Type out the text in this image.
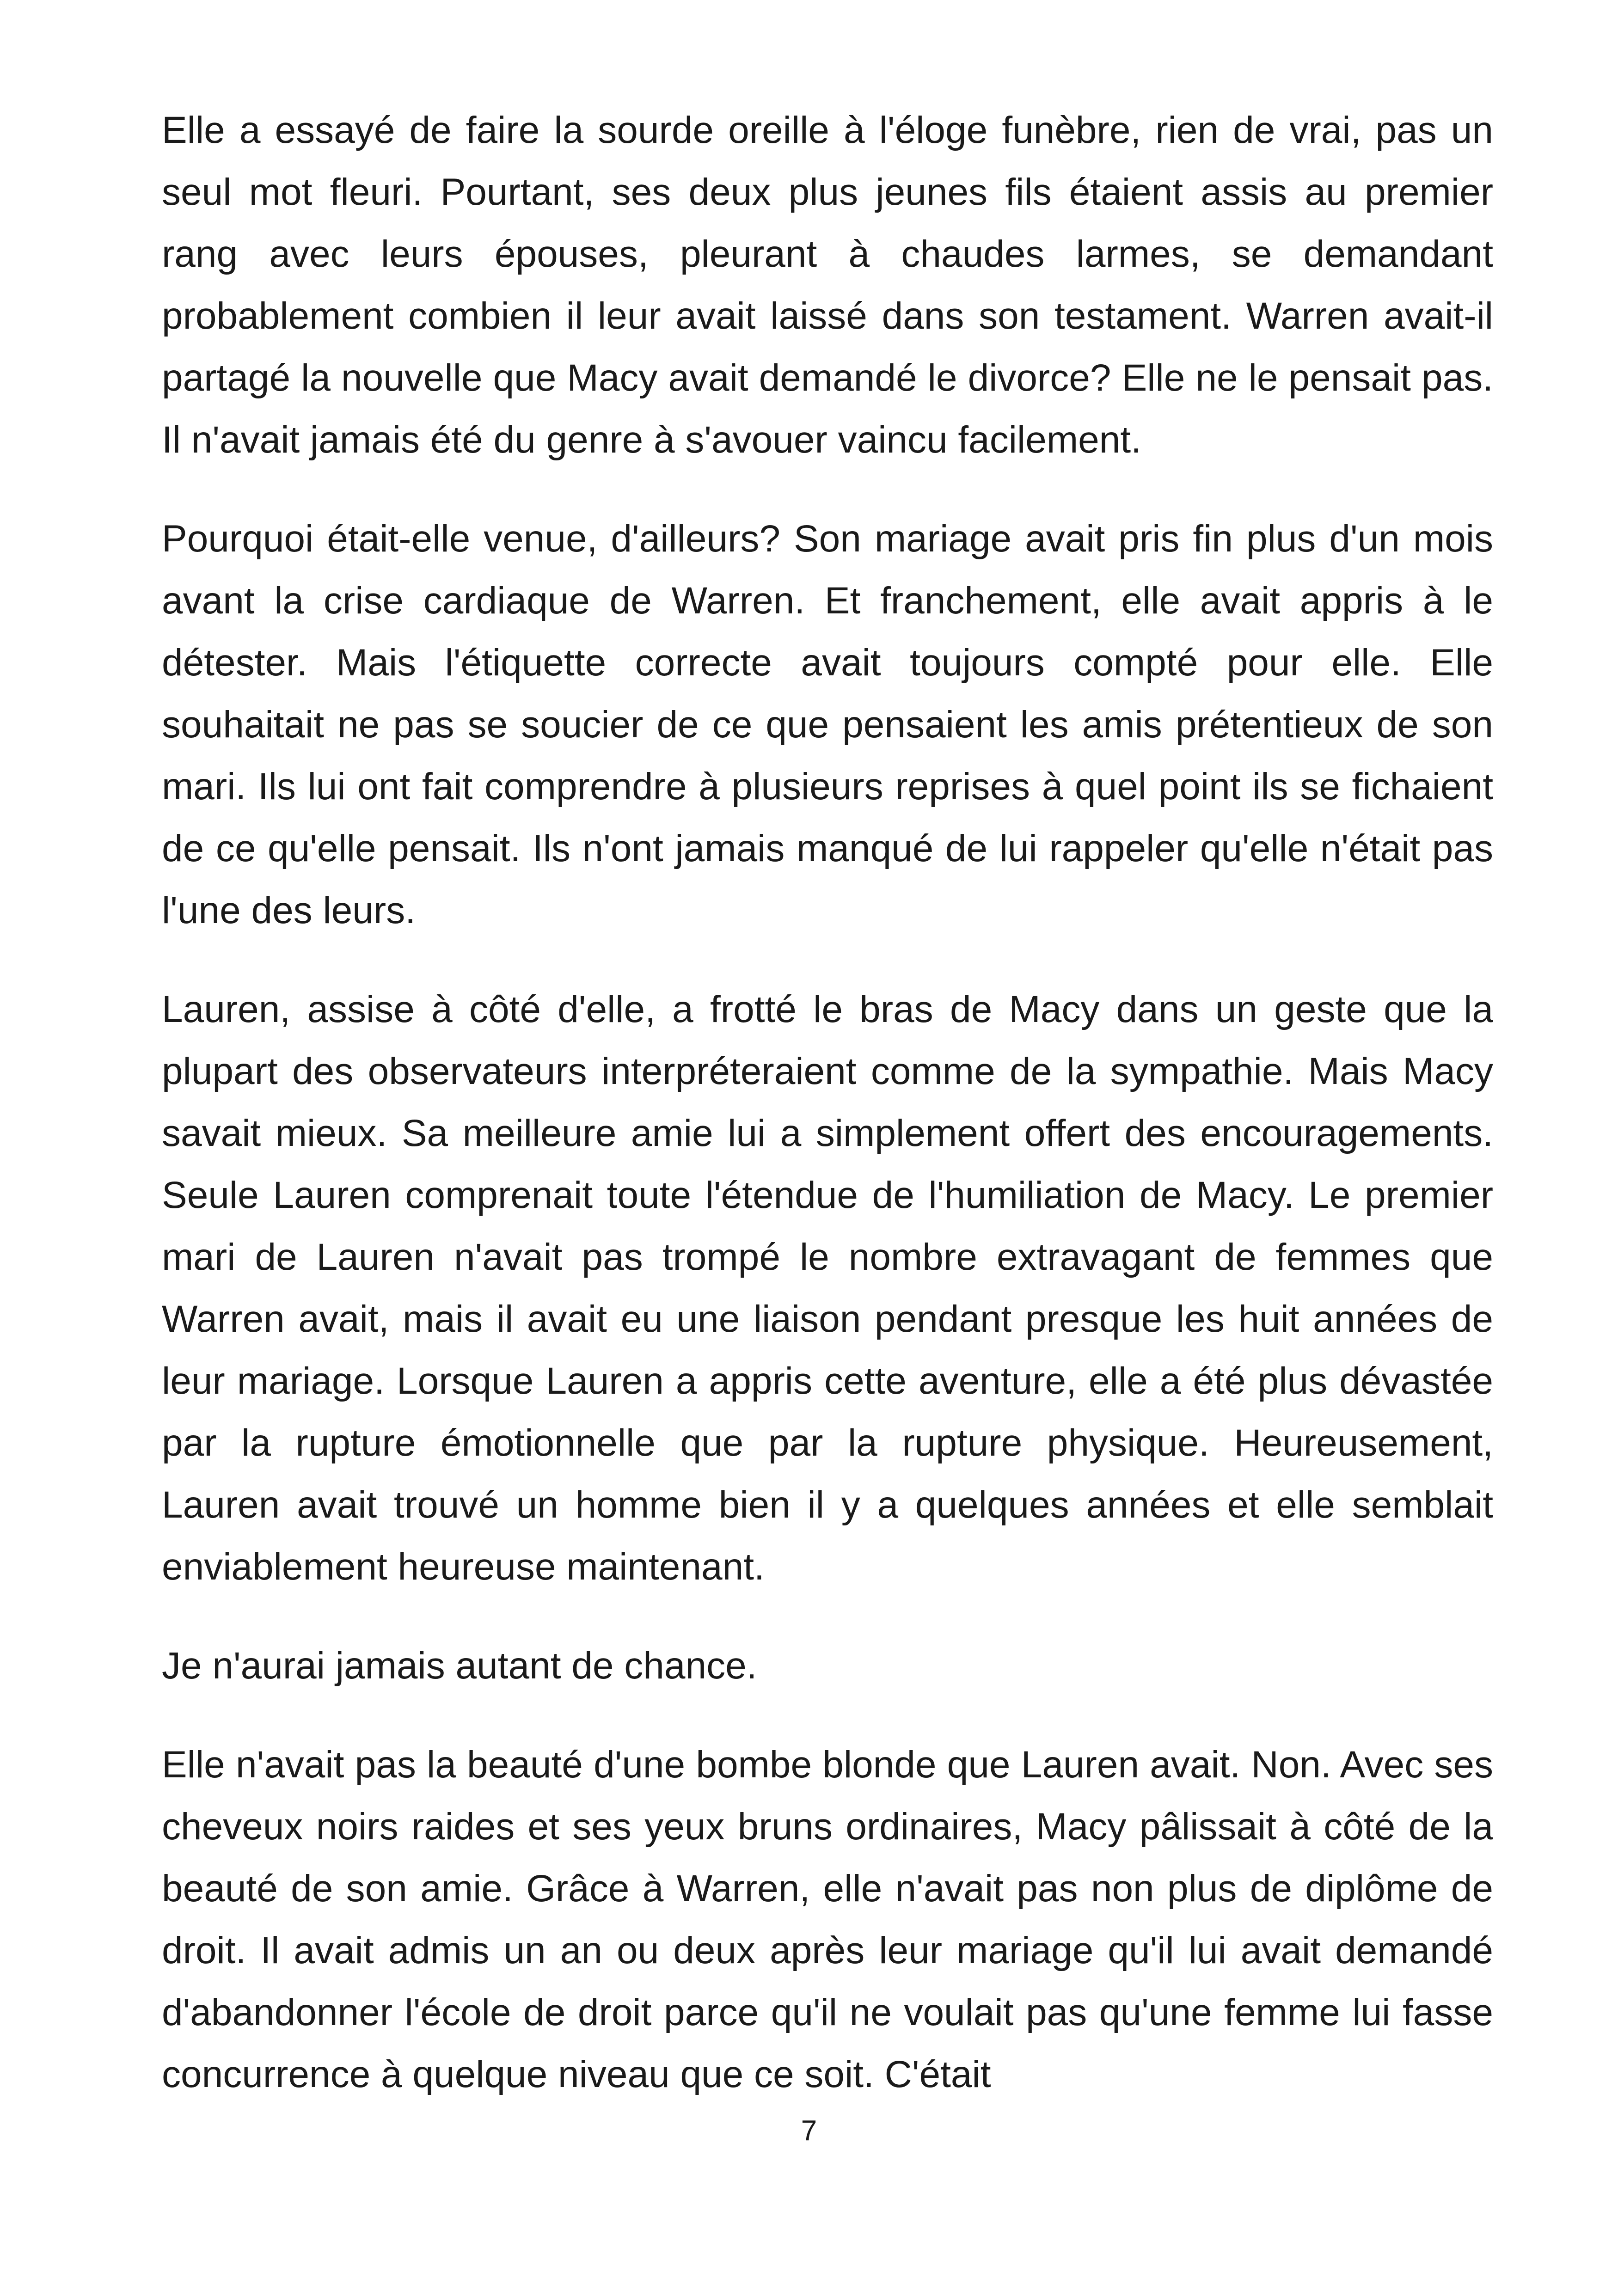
Elle a essayé de faire la sourde oreille à l'éloge funèbre, rien de vrai, pas un seul mot fleuri. Pourtant, ses deux plus jeunes fils étaient assis au premier rang avec leurs épouses, pleurant à chaudes larmes, se demandant probablement combien il leur avait laissé dans son testament. Warren avait-il partagé la nouvelle que Macy avait demandé le divorce? Elle ne le pensait pas. Il n'avait jamais été du genre à s'avouer vaincu facilement.

Pourquoi était-elle venue, d'ailleurs? Son mariage avait pris fin plus d'un mois avant la crise cardiaque de Warren. Et franchement, elle avait appris à le détester. Mais l'étiquette correcte avait toujours compté pour elle. Elle souhaitait ne pas se soucier de ce que pensaient les amis prétentieux de son mari. Ils lui ont fait comprendre à plusieurs reprises à quel point ils se fichaient de ce qu'elle pensait. Ils n'ont jamais manqué de lui rappeler qu'elle n'était pas l'une des leurs.

Lauren, assise à côté d'elle, a frotté le bras de Macy dans un geste que la plupart des observateurs interpréteraient comme de la sympathie. Mais Macy savait mieux. Sa meilleure amie lui a simplement offert des encouragements. Seule Lauren comprenait toute l'étendue de l'humiliation de Macy. Le premier mari de Lauren n'avait pas trompé le nombre extravagant de femmes que Warren avait, mais il avait eu une liaison pendant presque les huit années de leur mariage. Lorsque Lauren a appris cette aventure, elle a été plus dévastée par la rupture émotionnelle que par la rupture physique. Heureusement, Lauren avait trouvé un homme bien il y a quelques années et elle semblait enviablement heureuse maintenant.

Je n'aurai jamais autant de chance.

Elle n'avait pas la beauté d'une bombe blonde que Lauren avait. Non. Avec ses cheveux noirs raides et ses yeux bruns ordinaires, Macy pâlissait à côté de la beauté de son amie. Grâce à Warren, elle n'avait pas non plus de diplôme de droit. Il avait admis un an ou deux après leur mariage qu'il lui avait demandé d'abandonner l'école de droit parce qu'il ne voulait pas qu'une femme lui fasse concurrence à quelque niveau que ce soit. C'était

7
